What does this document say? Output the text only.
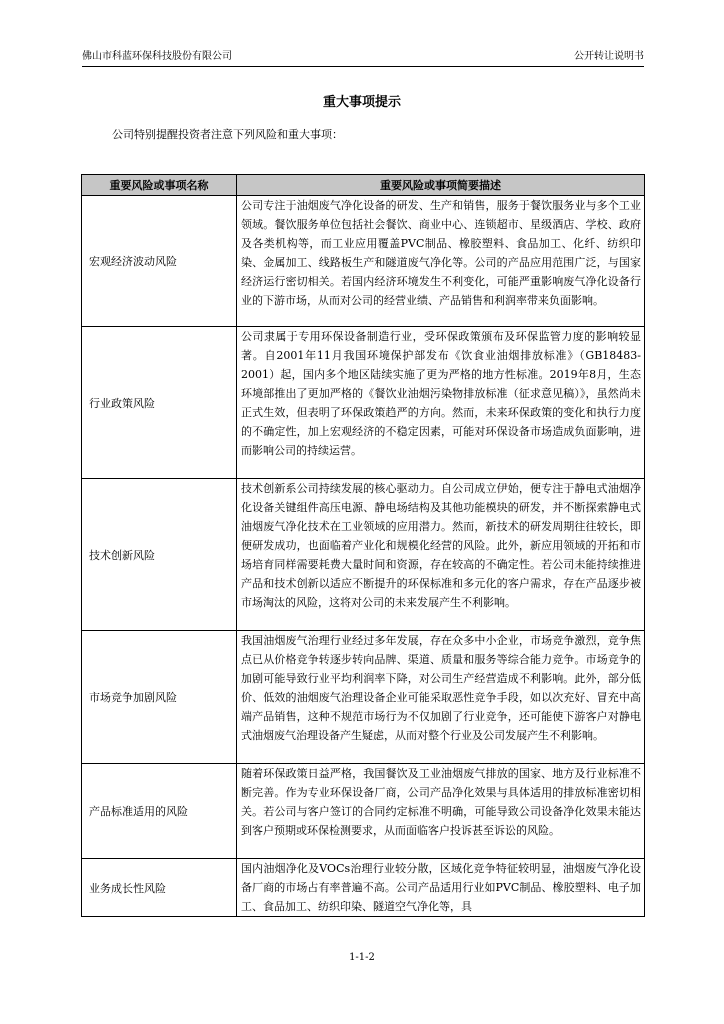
佛山市科蓝环保科技股份有限公司	公开转让说明书
重大事项提示
公司特别提醒投资者注意下列风险和重大事项：
重要风险或事项名称	重要风险或事项简要描述
宏观经济波动风险	公司专注于油烟废气净化设备的研发、生产和销售，服务于餐饮服务业与多个工业领域。餐饮服务单位包括社会餐饮、商业中心、连锁超市、星级酒店、学校、政府及各类机构等，而工业应用覆盖PVC制品、橡胶塑料、食品加工、化纤、纺织印染、金属加工、线路板生产和隧道废气净化等。公司的产品应用范围广泛，与国家经济运行密切相关。若国内经济环境发生不利变化，可能严重影响废气净化设备行业的下游市场，从而对公司的经营业绩、产品销售和利润率带来负面影响。
行业政策风险	公司隶属于专用环保设备制造行业，受环保政策颁布及环保监管力度的影响较显著。自2001年11月我国环境保护部发布《饮食业油烟排放标准》（GB18483-2001）起，国内多个地区陆续实施了更为严格的地方性标准。2019年8月，生态环境部推出了更加严格的《餐饮业油烟污染物排放标准（征求意见稿）》，虽然尚未正式生效，但表明了环保政策趋严的方向。然而，未来环保政策的变化和执行力度的不确定性，加上宏观经济的不稳定因素，可能对环保设备市场造成负面影响，进而影响公司的持续运营。
技术创新风险	技术创新系公司持续发展的核心驱动力。自公司成立伊始，便专注于静电式油烟净化设备关键组件高压电源、静电场结构及其他功能模块的研发，并不断探索静电式油烟废气净化技术在工业领域的应用潜力。然而，新技术的研发周期往往较长，即便研发成功，也面临着产业化和规模化经营的风险。此外，新应用领域的开拓和市场培育同样需要耗费大量时间和资源，存在较高的不确定性。若公司未能持续推进产品和技术创新以适应不断提升的环保标准和多元化的客户需求，存在产品逐步被市场淘汰的风险，这将对公司的未来发展产生不利影响。
市场竞争加剧风险	我国油烟废气治理行业经过多年发展，存在众多中小企业，市场竞争激烈，竞争焦点已从价格竞争转逐步转向品牌、渠道、质量和服务等综合能力竞争。市场竞争的加剧可能导致行业平均利润率下降，对公司生产经营造成不利影响。此外，部分低价、低效的油烟废气治理设备企业可能采取恶性竞争手段，如以次充好、冒充中高端产品销售，这种不规范市场行为不仅加剧了行业竞争，还可能使下游客户对静电式油烟废气治理设备产生疑虑，从而对整个行业及公司发展产生不利影响。
产品标准适用的风险	随着环保政策日益严格，我国餐饮及工业油烟废气排放的国家、地方及行业标准不断完善。作为专业环保设备厂商，公司产品净化效果与具体适用的排放标准密切相关。若公司与客户签订的合同约定标准不明确，可能导致公司设备净化效果未能达到客户预期或环保检测要求，从而面临客户投诉甚至诉讼的风险。
业务成长性风险	国内油烟净化及VOCs治理行业较分散，区域化竞争特征较明显，油烟废气净化设备厂商的市场占有率普遍不高。公司产品适用行业如PVC制品、橡胶塑料、电子加工、食品加工、纺织印染、隧道空气净化等，具
1-1-2
